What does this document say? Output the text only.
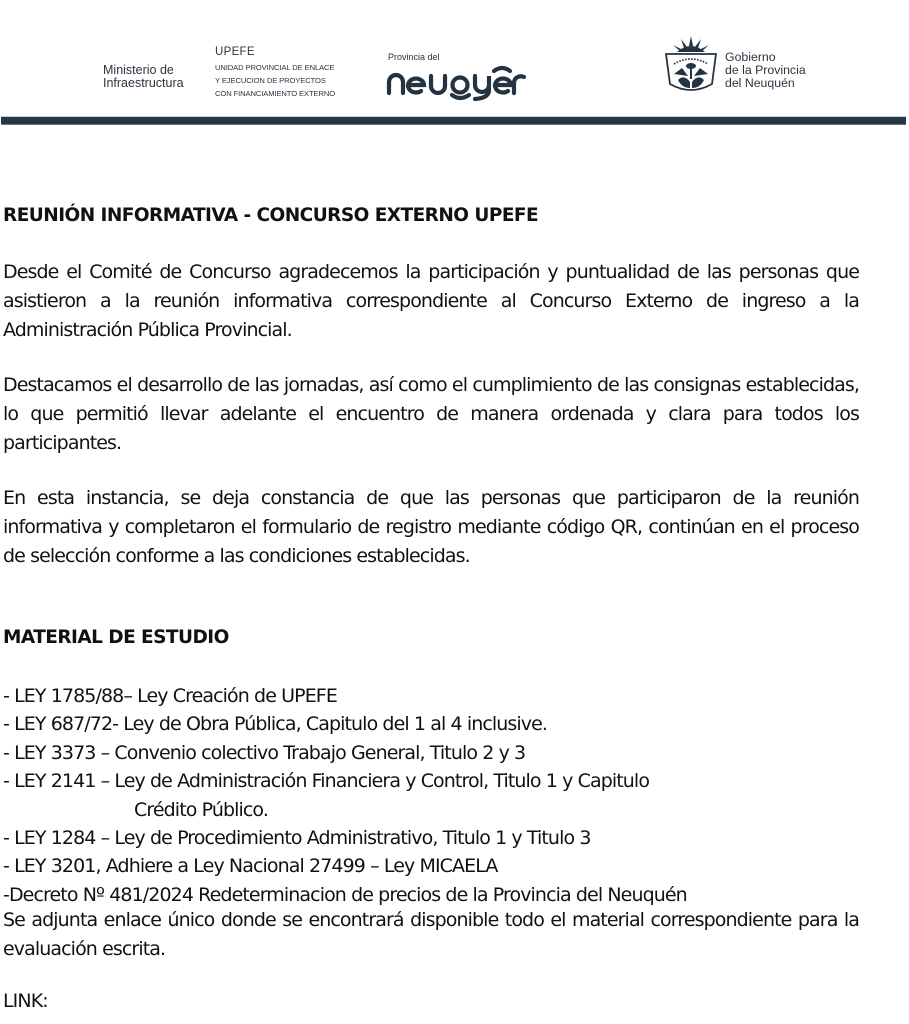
Ministerio de
Infraestructura
UPEFE
UNIDAD PROVINCIAL DE ENLACE
Y EJECUCION DE PROYECTOS
CON FINANCIAMIENTO EXTERNO
Provincia del	Gobierno
de la Provincia
del Neuquén
REUNIÓN INFORMATIVA - CONCURSO EXTERNO UPEFE

Desde el Comité de Concurso agradecemos la participación y puntualidad de las personas que asistieron a la reunión informativa correspondiente al Concurso Externo de ingreso a la Administración Pública Provincial.

Destacamos el desarrollo de las jornadas, así como el cumplimiento de las consignas establecidas, lo que permitió llevar adelante el encuentro de manera ordenada y clara para todos los participantes.

En esta instancia, se deja constancia de que las personas que participaron de la reunión informativa y completaron el formulario de registro mediante código QR, continúan en el proceso de selección conforme a las condiciones establecidas.

MATERIAL DE ESTUDIO
- LEY 1785/88– Ley Creación de UPEFE
- LEY 687/72- Ley de Obra Pública, Capitulo del 1 al 4 inclusive.
- LEY 3373 – Convenio colectivo Trabajo General, Titulo 2 y 3
- LEY 2141 – Ley de Administración Financiera y Control, Titulo 1 y Capitulo
Crédito Público.
- LEY 1284 – Ley de Procedimiento Administrativo, Titulo 1 y Titulo 3
- LEY 3201, Adhiere a Ley Nacional 27499 – Ley MICAELA
-Decreto Nº 481/2024 Redeterminacion de precios de la Provincia del Neuquén

Se adjunta enlace único donde se encontrará disponible todo el material correspondiente para la evaluación escrita.

LINK:
